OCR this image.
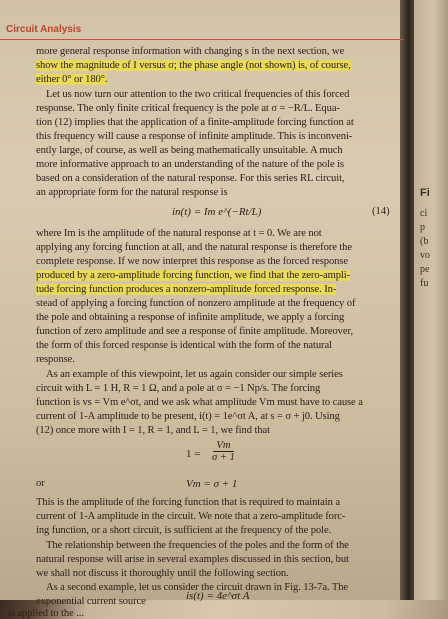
Fi
ci
p
(b
vo
pe
fu
Circuit Analysis
more general response information with changing s in the next section, we
show the magnitude of I versus σ; the phase angle (not shown) is, of course,
either 0° or 180°.
Let us now turn our attention to the two critical frequencies of this forced
response. The only finite critical frequency is the pole at σ = −R/L. Equa-
tion (12) implies that the application of a finite-amplitude forcing function at
this frequency will cause a response of infinite amplitude. This is inconveni-
ently large, of course, as well as being mathematically unsuitable. A much
more informative approach to an understanding of the nature of the pole is
based on a consideration of the natural response. For this series RL circuit,
an appropriate form for the natural response is
in(t) = Im e^(−Rt/L)	(14)
where Im is the amplitude of the natural response at t = 0. We are not
applying any forcing function at all, and the natural response is therefore the
complete response. If we now interpret this response as the forced response
produced by a zero-amplitude forcing function, we find that the zero-ampli-
tude forcing function produces a nonzero-amplitude forced response. In-
stead of applying a forcing function of nonzero amplitude at the frequency of
the pole and obtaining a response of infinite amplitude, we apply a forcing
function of zero amplitude and see a response of finite amplitude. Moreover,
the form of this forced response is identical with the form of the natural
response.
As an example of this viewpoint, let us again consider our simple series
circuit with L = 1 H, R = 1 Ω, and a pole at σ = −1 Np/s. The forcing
function is vs = Vm e^σt, and we ask what amplitude Vm must have to cause a
current of 1-A amplitude to be present, i(t) = 1e^σt A, at s = σ + j0. Using
(12) once more with I = 1, R = 1, and L = 1, we find that
$1 = \frac{Vm}{\sigma + 1}$
or	Vm = σ + 1
This is the amplitude of the forcing function that is required to maintain a
current of 1-A amplitude in the circuit. We note that a zero-amplitude forc-
ing function, or a short circuit, is sufficient at the frequency of the pole.
The relationship between the frequencies of the poles and the form of the
natural response will arise in several examples discussed in this section, but
we shall not discuss it thoroughly until the following section.
As a second example, let us consider the circuit drawn in Fig. 13-7a. The
exponential current source	is(t) = 4e^σt A
is applied to the ...
